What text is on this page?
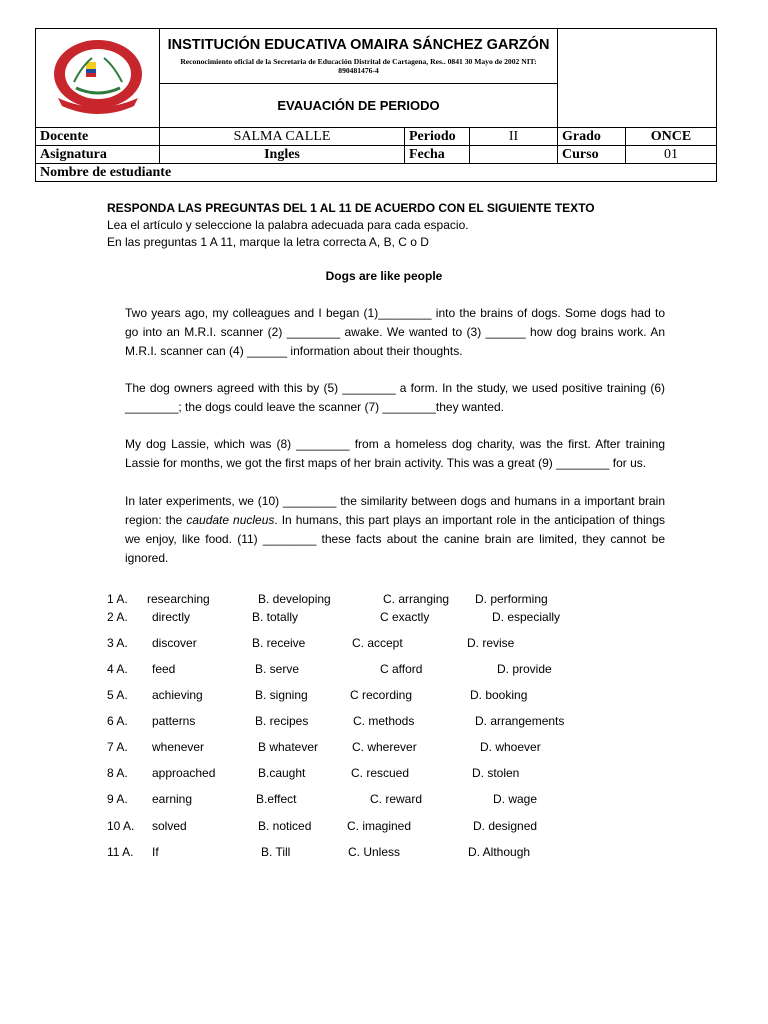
INSTITUCIÓN EDUCATIVA OMAIRA SÁNCHEZ GARZÓN
Reconocimiento oficial de la Secretaria de Educación Distrital de Cartagena, Res.. 0841 30 Mayo de 2002 NIT: 890481476-4				

	EVAUACIÓN DE PERIODO				
Docente	SALMA CALLE	Periodo	II	Grado	ONCE
Asignatura	Ingles	Fecha		Curso	01
Nombre de estudiante					
RESPONDA LAS PREGUNTAS DEL 1 AL 11 DE ACUERDO CON EL SIGUIENTE TEXTO
Lea el artículo y seleccione la palabra adecuada para cada espacio.
En las preguntas 1 A 11, marque la letra correcta A, B, C o D
Dogs are like people
Two years ago, my colleagues and I began (1)________ into the brains of dogs. Some dogs had to go into an M.R.I. scanner (2) ________ awake. We wanted to (3) ______ how dog brains work. An M.R.I. scanner can (4) ______ information about their thoughts.
The dog owners agreed with this by (5) ________ a form. In the study, we used positive training (6) ________; the dogs could leave the scanner (7) ________they wanted.
My dog Lassie, which was (8) ________ from a homeless dog charity, was the first. After training Lassie for months, we got the first maps of her brain activity. This was a great (9) ________ for us.
In later experiments, we (10) ________ the similarity between dogs and humans in a important brain region: the caudate nucleus. In humans, this part plays an important role in the anticipation of things we enjoy, like food. (11) ________ these facts about the canine brain are limited, they cannot be ignored.
1 A. researching	B. developing	C. arranging D. performing
2 A. directly	B. totally	C exactly	D. especially
3 A. discover	B. receive	C. accept	D. revise
4 A. feed	B. serve	C afford	D. provide
5 A. achieving	B. signing	C recording	D. booking
6 A. patterns	B. recipes	C. methods	D. arrangements
7 A. whenever	B whatever	C. wherever	D. whoever
8 A. approached	B.caught	C. rescued	D. stolen
9 A. earning	B.effect	C. reward	D. wage
10 A. solved	B. noticed	C. imagined	D. designed
11 A. If	B. Till	C. Unless	D. Although
